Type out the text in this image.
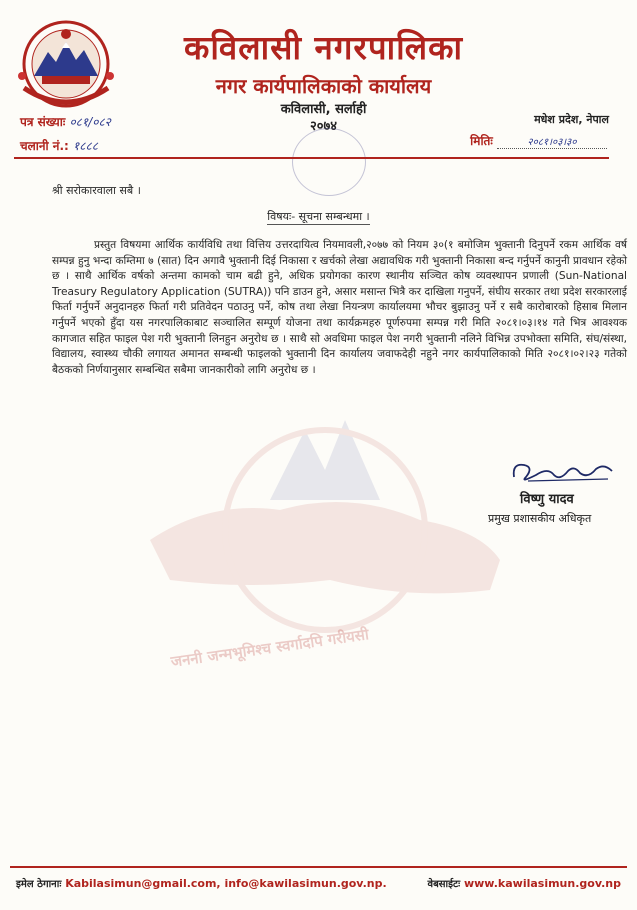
कविलासी नगरपालिका
नगर कार्यपालिकाको कार्यालय
कविलासी, सर्लाही
२०७४
पत्र संख्याः ०८१/०८२
चलानी नं.: १८८८
मधेश प्रदेश, नेपाल
मितिः	२०८१।०३।३०
जननी जन्मभूमिश्च स्वर्गादपि गरीयसी
श्री सरोकारवाला सबै ।
विषयः- सूचना सम्बन्धमा ।

प्रस्तुत विषयमा आर्थिक कार्यविधि तथा वित्तिय उत्तरदायित्व नियमावली,२०७७ को नियम ३०(१ बमोजिम भुक्तानी दिनुपर्ने रकम आर्थिक वर्ष सम्पन्न हुनु भन्दा कम्तिमा ७ (सात) दिन अगावै भुक्तानी दिई निकासा र खर्चको लेखा अद्यावधिक गरी भुक्तानी निकासा बन्द गर्नुपर्ने कानुनी प्रावधान रहेको छ । साथै आर्थिक वर्षको अन्तमा कामको चाम बढी हुने, अधिक प्रयोगका कारण स्थानीय सञ्चित कोष व्यवस्थापन प्रणाली (Sun-National Treasury Regulatory Application (SUTRA)) पनि डाउन हुने, असार मसान्त भित्रै कर दाखिला गनुपर्ने, संघीय सरकार तथा प्रदेश सरकारलाई फिर्ता गर्नुपर्ने अनुदानहरु फिर्ता गरी प्रतिवेदन पठाउनु पर्ने, कोष तथा लेखा नियन्त्रण कार्यालयमा भौचर बुझाउनु पर्ने र सबै कारोबारको हिसाब मिलान गर्नुपर्ने भएको हुँदा यस नगरपालिकाबाट सञ्चालित सम्पूर्ण योजना तथा कार्यक्रमहरु पूर्णरुपमा सम्पन्न गरी मिति २०८१।०३।१४ गते भित्र आवश्यक कागजात सहित फाइल पेश गरी भुक्तानी लिनहुन अनुरोध छ । साथै सो अवधिमा फाइल पेश नगरी भुक्तानी नलिने विभिन्न उपभोक्ता समिति, संघ/संस्था, विद्यालय, स्वास्थ्य चौकी लगायत अमानत सम्बन्धी फाइलको भुक्तानी दिन कार्यालय जवाफदेही नहुने नगर कार्यपालिकाको मिति २०८१।०२।२३ गतेको बैठकको निर्णयानुसार सम्बन्धित सबैमा जानकारीको लागि अनुरोध छ ।

विष्णु यादव
प्रमुख प्रशासकीय अधिकृत
इमेल ठेगानाः Kabilasimun@gmail.com, info@kawilasimun.gov.np.	वेबसाईटः www.kawilasimun.gov.np
